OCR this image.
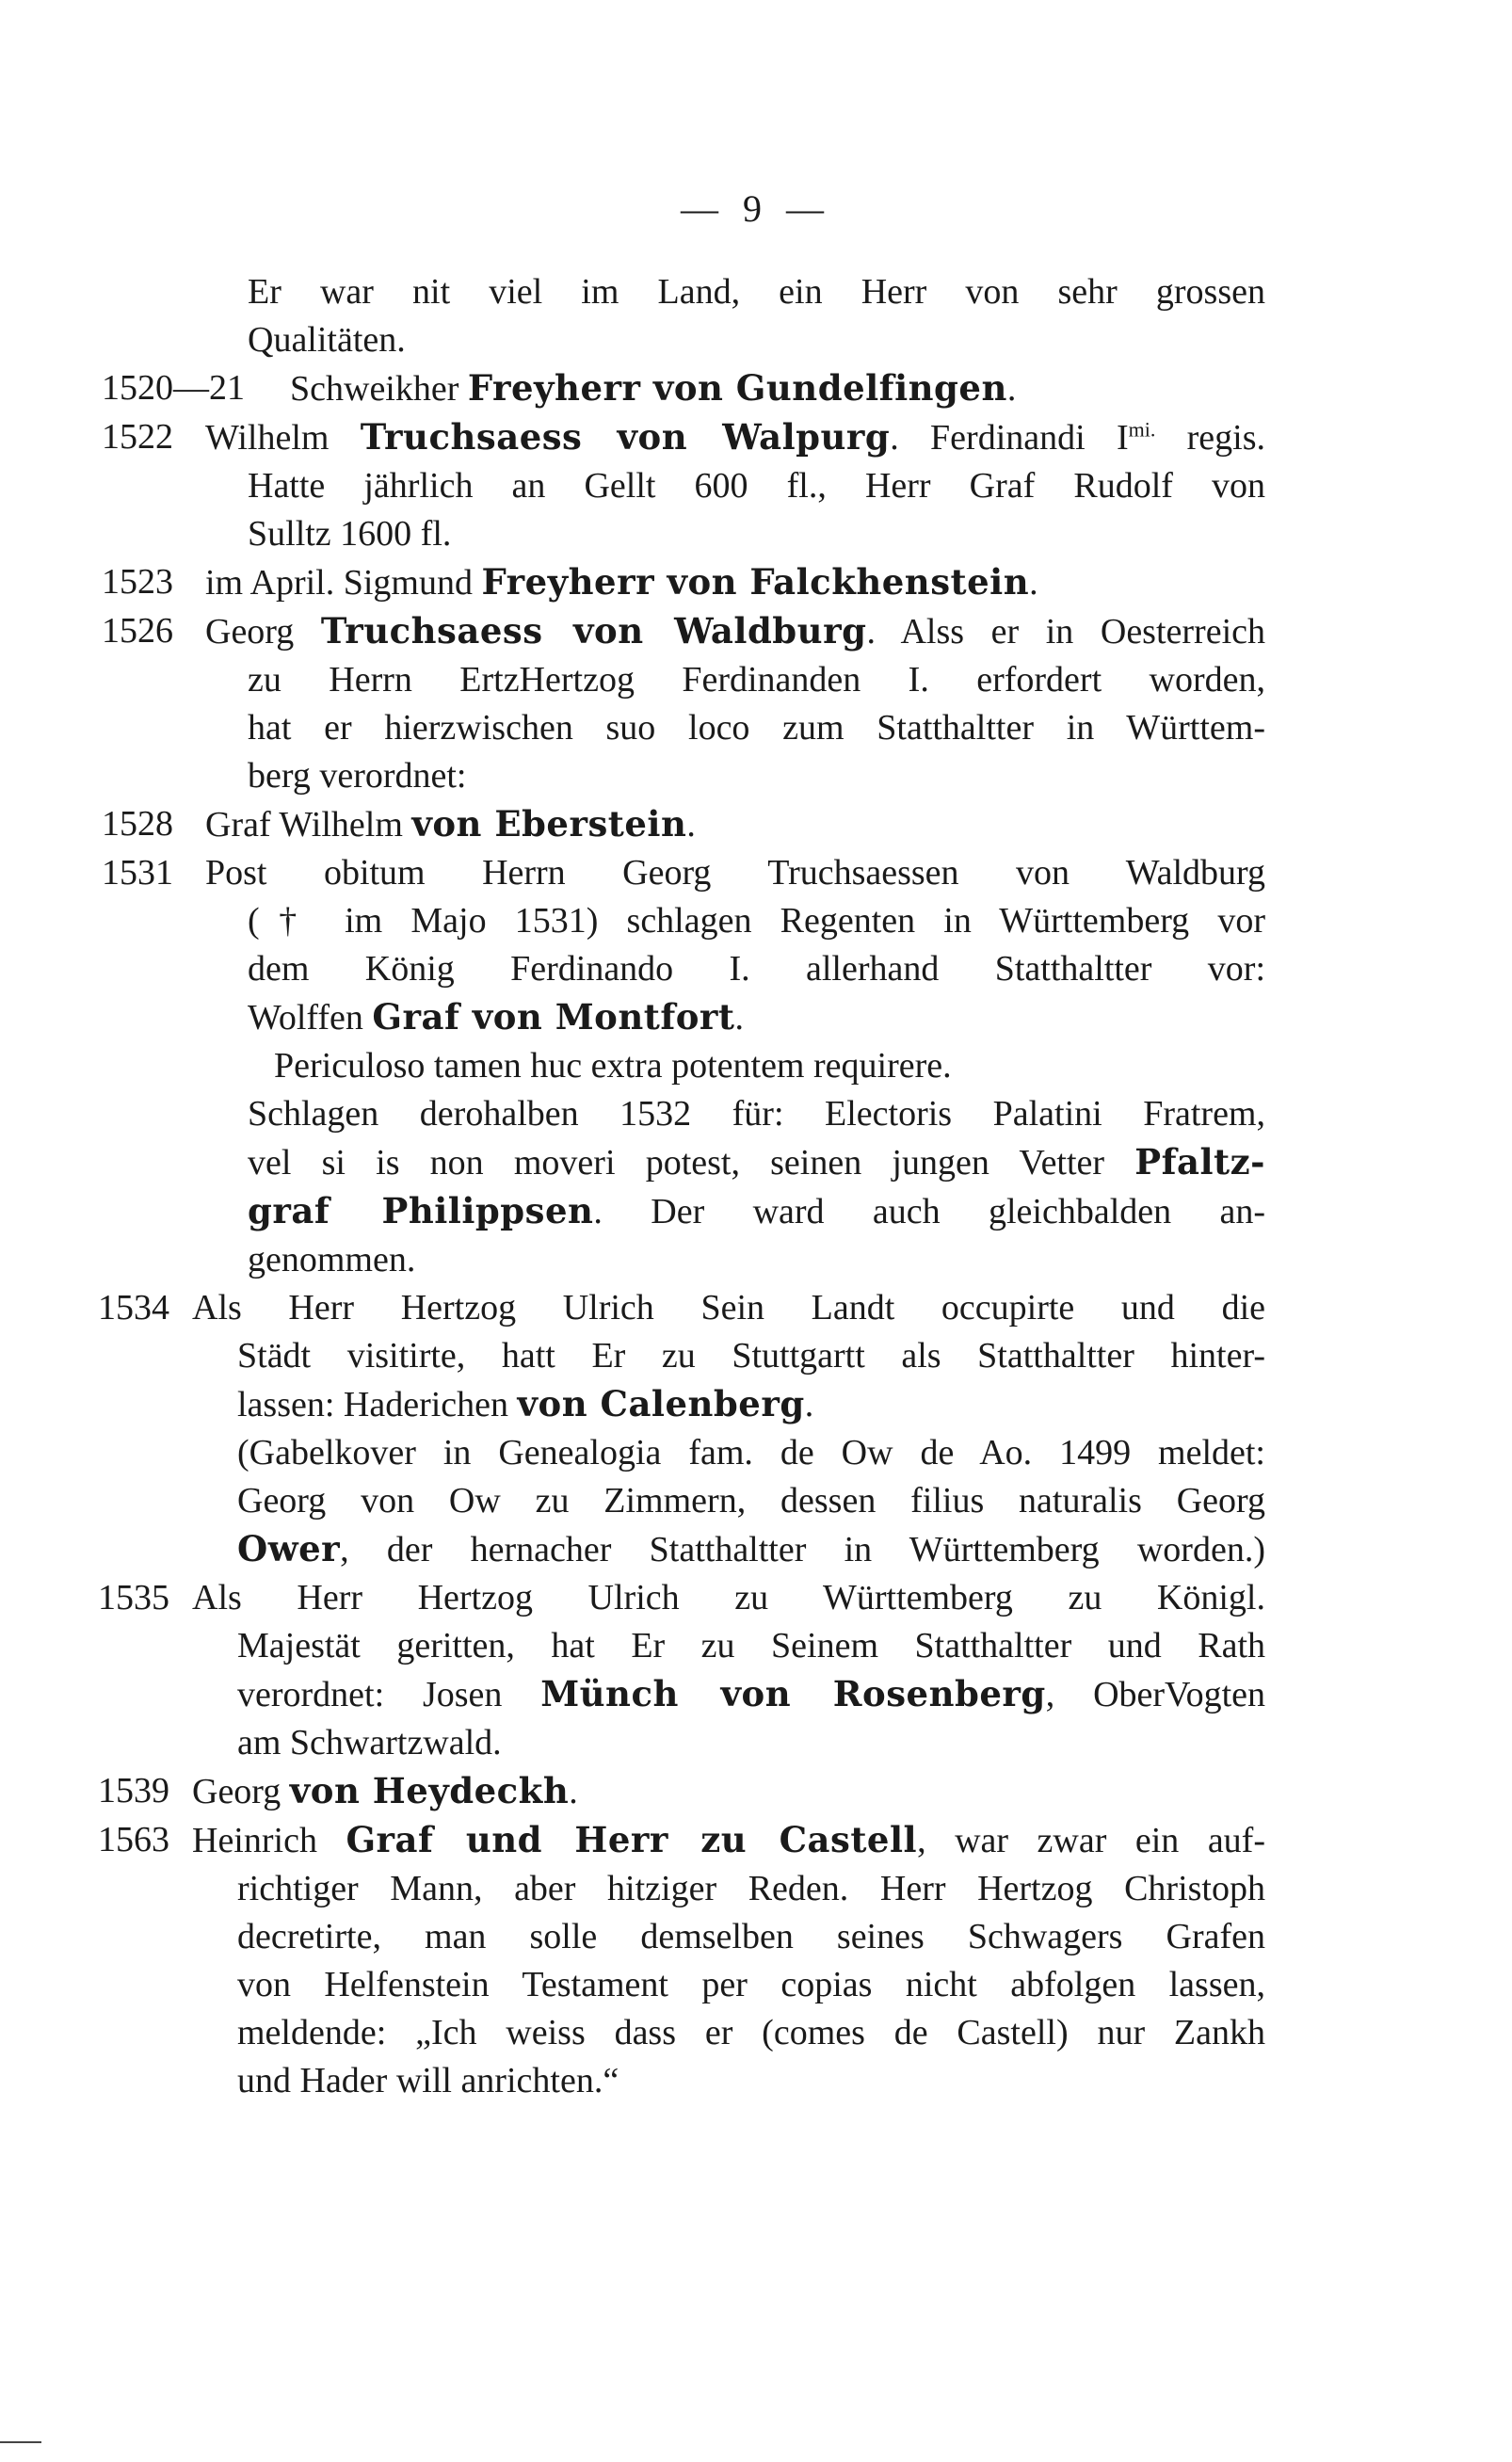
— 9 —
Er war nit viel im Land, ein Herr von sehr grossen
Qualitäten.
1520—21 Schweikher Freyherr von Gundelfingen.
1522 Wilhelm Truchsaess von Walpurg. Ferdinandi $I^{mi.}$ regis.
Hatte jährlich an Gellt 600 fl., Herr Graf Rudolf von
Sulltz 1600 fl.
1523 im April. Sigmund Freyherr von Falckhenstein.
1526 Georg Truchsaess von Waldburg. Alss er in Oesterreich
zu Herrn ErtzHertzog Ferdinanden I. erfordert worden,
hat er hierzwischen suo loco zum Statthaltter in Württem-
berg verordnet:
1528 Graf Wilhelm von Eberstein.
1531 Post obitum Herrn Georg Truchsaessen von Waldburg
(† im Majo 1531) schlagen Regenten in Württemberg vor
dem König Ferdinando I. allerhand Statthaltter vor:
Wolffen Graf von Montfort.
Periculoso tamen huc extra potentem requirere.
Schlagen derohalben 1532 für: Electoris Palatini Fratrem,
vel si is non moveri potest, seinen jungen Vetter Pfaltz-
graf Philippsen. Der ward auch gleichbalden an-
genommen.
1534 Als Herr Hertzog Ulrich Sein Landt occupirte und die
Städt visitirte, hatt Er zu Stuttgartt als Statthaltter hinter-
lassen: Haderichen von Calenberg.
(Gabelkover in Genealogia fam. de Ow de Ao. 1499 meldet:
Georg von Ow zu Zimmern, dessen filius naturalis Georg
Ower, der hernacher Statthaltter in Württemberg worden.)
1535 Als Herr Hertzog Ulrich zu Württemberg zu Königl.
Majestät geritten, hat Er zu Seinem Statthaltter und Rath
verordnet: Josen Münch von Rosenberg, OberVogten
am Schwartzwald.
1539 Georg von Heydeckh.
1563 Heinrich Graf und Herr zu Castell, war zwar ein auf-
richtiger Mann, aber hitziger Reden. Herr Hertzog Christoph
decretirte, man solle demselben seines Schwagers Grafen
von Helfenstein Testament per copias nicht abfolgen lassen,
meldende: „Ich weiss dass er (comes de Castell) nur Zankh
und Hader will anrichten.“
